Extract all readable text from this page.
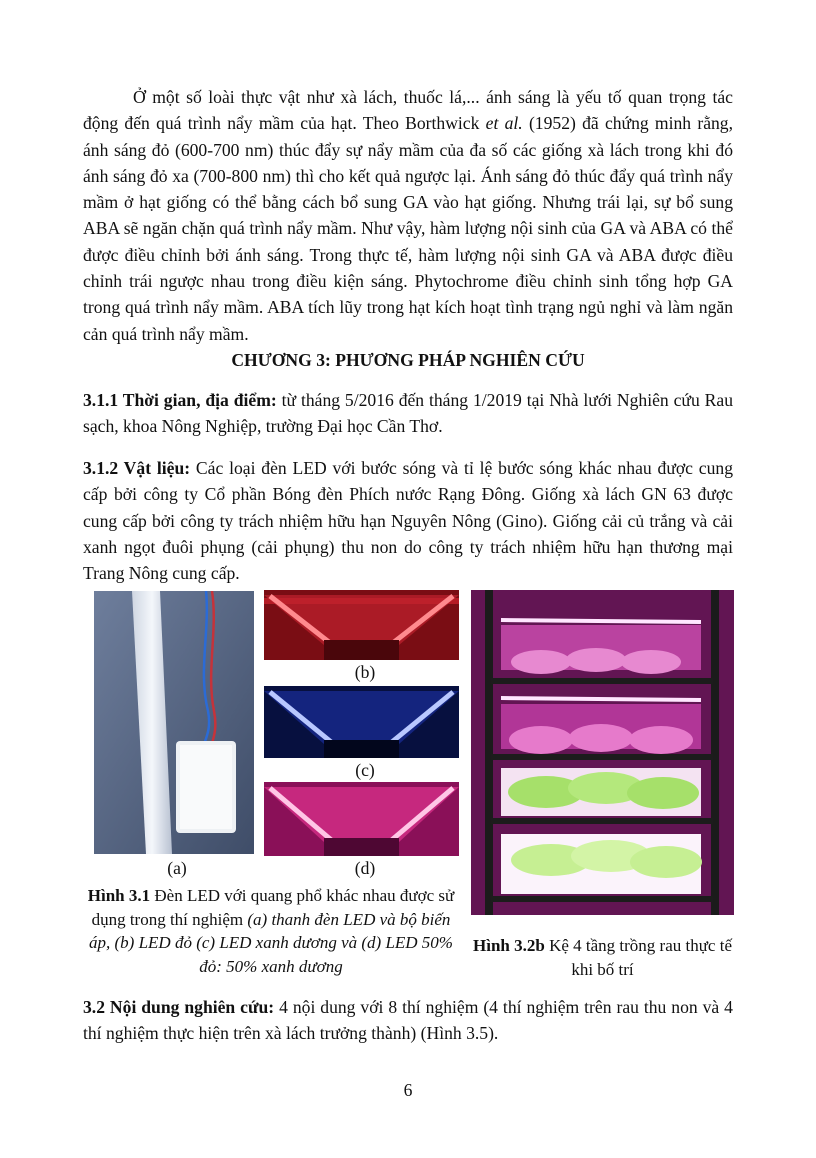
Ở một số loài thực vật như xà lách, thuốc lá,... ánh sáng là yếu tố quan trọng tác động đến quá trình nẩy mầm của hạt. Theo Borthwick et al. (1952) đã chứng minh rằng, ánh sáng đỏ (600-700 nm) thúc đẩy sự nẩy mầm của đa số các giống xà lách trong khi đó ánh sáng đỏ xa (700-800 nm) thì cho kết quả ngược lại. Ánh sáng đỏ thúc đẩy quá trình nẩy mầm ở hạt giống có thể bằng cách bổ sung GA vào hạt giống. Nhưng trái lại, sự bổ sung ABA sẽ ngăn chặn quá trình nẩy mầm. Như vậy, hàm lượng nội sinh của GA và ABA có thể được điều chỉnh bởi ánh sáng. Trong thực tế, hàm lượng nội sinh GA và ABA được điều chỉnh trái ngược nhau trong điều kiện sáng. Phytochrome điều chỉnh sinh tổng hợp GA trong quá trình nẩy mầm. ABA tích lũy trong hạt kích hoạt tình trạng ngủ nghỉ và làm ngăn cản quá trình nẩy mầm.

CHƯƠNG 3: PHƯƠNG PHÁP NGHIÊN CỨU

3.1.1 Thời gian, địa điểm: từ tháng 5/2016 đến tháng 1/2019 tại Nhà lưới Nghiên cứu Rau sạch, khoa Nông Nghiệp, trường Đại học Cần Thơ.

3.1.2 Vật liệu: Các loại đèn LED với bước sóng và tỉ lệ bước sóng khác nhau được cung cấp bởi công ty Cổ phần Bóng đèn Phích nước Rạng Đông. Giống xà lách GN 63 được cung cấp bởi công ty trách nhiệm hữu hạn Nguyên Nông (Gino). Giống cải củ trắng và cải xanh ngọt đuôi phụng (cải phụng) thu non do công ty trách nhiệm hữu hạn thương mại Trang Nông cung cấp.

(b)
(c)
(a)	(d)
Hình 3.1 Đèn LED với quang phổ khác nhau được sử dụng trong thí nghiệm (a) thanh đèn LED và bộ biến áp, (b) LED đỏ (c) LED xanh dương và (d) LED 50% đỏ: 50% xanh dương
Hình 3.2b Kệ 4 tầng trồng rau thực tế khi bố trí

3.2 Nội dung nghiên cứu: 4 nội dung với 8 thí nghiệm (4 thí nghiệm trên rau thu non và 4 thí nghiệm thực hiện trên xà lách trưởng thành) (Hình 3.5).

6
